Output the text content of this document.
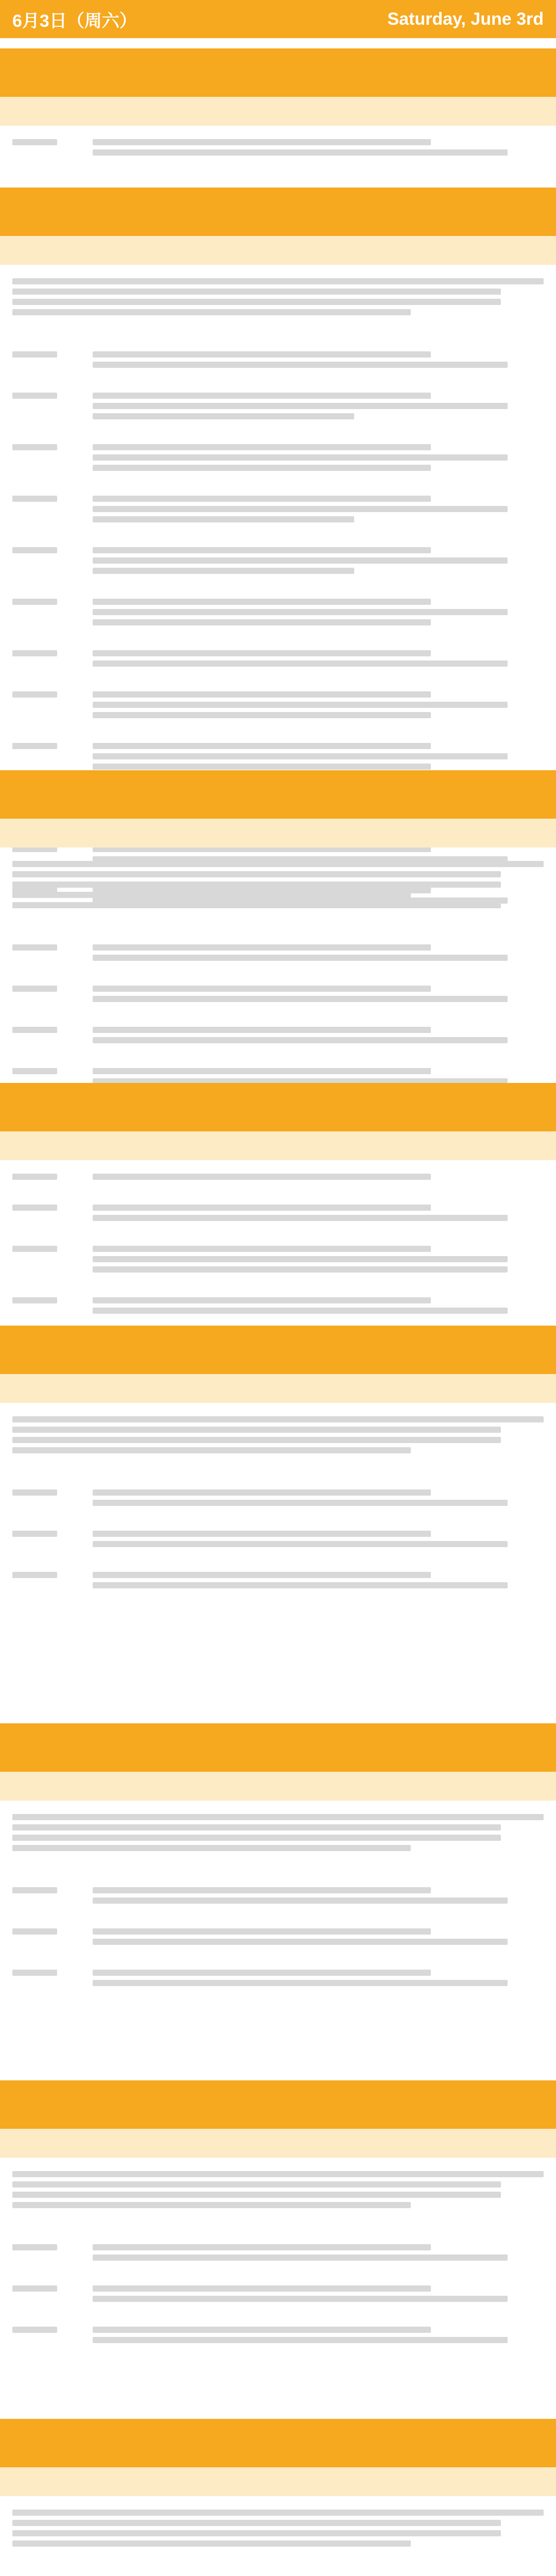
6月3日（周六）	Saturday, June 3rd
